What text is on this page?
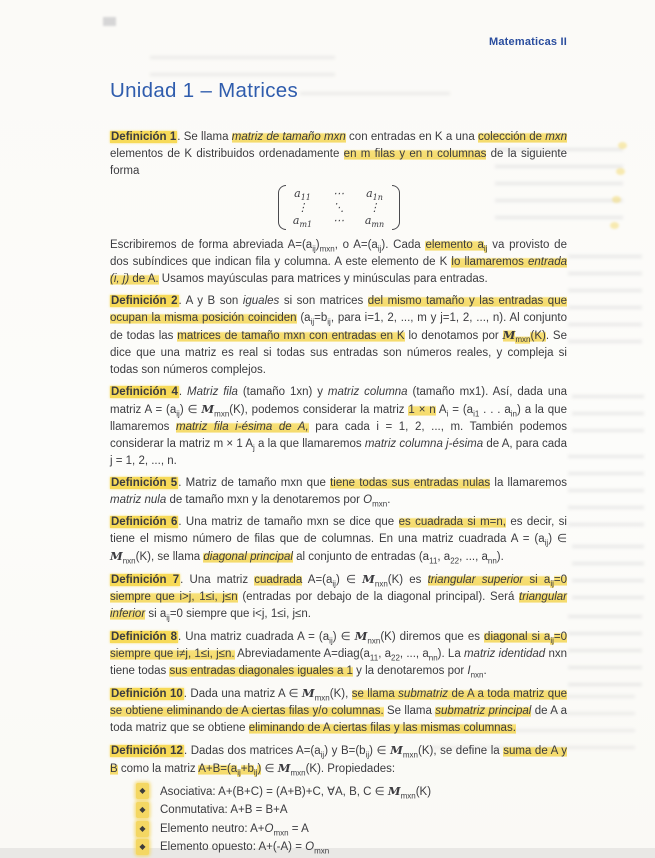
Matematicas II
Unidad 1 – Matrices

Definición 1. Se llama matriz de tamaño mxn con entradas en K a una colección de mxn elementos de K distribuidos ordenadamente en m filas y en n columnas de la siguiente forma

$a_{11}$	⋯	$a_{1n}$
⋮	⋱	⋮
$a_{m1}$	⋯	$a_{mn}$

Escribiremos de forma abreviada $A=(a_{ij})_{mxn}$, o $A=(a_{ij})$. Cada elemento $a_{ij}$ va provisto de dos subíndices que indican fila y columna. A este elemento de K lo llamaremos entrada (i, j) de A. Usamos mayúsculas para matrices y minúsculas para entradas.

Definición 2. A y B son iguales si son matrices del mismo tamaño y las entradas que ocupan la misma posición coinciden ($a_{ij}=b_{ij}$, para i=1, 2, ..., m y j=1, 2, ..., n). Al conjunto de todas las matrices de tamaño mxn con entradas en K lo denotamos por $M_{mxn}(K)$. Se dice que una matriz es real si todas sus entradas son números reales, y compleja si todas son números complejos.

Definición 4. Matriz fila (tamaño 1xn) y matriz columna (tamaño mx1). Así, dada una matriz $A = (a_{ij})$ ∈ $M_{mxn}(K)$, podemos considerar la matriz 1 × n $A_i = (a_{i1}$ . . . $a_{in}$) a la que llamaremos matriz fila i-ésima de A, para cada i = 1, 2, ..., m. También podemos considerar la matriz m × 1 $A_j$ a la que llamaremos matriz columna j-ésima de A, para cada j = 1, 2, ..., n.

Definición 5. Matriz de tamaño mxn que tiene todas sus entradas nulas la llamaremos matriz nula de tamaño mxn y la denotaremos por $O_{mxn}$.

Definición 6. Una matriz de tamaño mxn se dice que es cuadrada si m=n, es decir, si tiene el mismo número de filas que de columnas. En una matriz cuadrada $A = (a_{ij})$ ∈ $M_{nxn}(K)$, se llama diagonal principal al conjunto de entradas ($a_{11}$, $a_{22}$, ..., $a_{nn}$).

Definición 7. Una matriz cuadrada $A=(a_{ij})$ ∈ $M_{nxn}(K)$ es triangular superior si $a_{ij}=0$ siempre que i>j, 1≤i, j≤n (entradas por debajo de la diagonal principal). Será triangular inferior si $a_{ij}=0$ siempre que i<j, 1≤i, j≤n.

Definición 8. Una matriz cuadrada $A = (a_{ij})$ ∈ $M_{nxn}(K)$ diremos que es diagonal si $a_{ij}=0$ siempre que i≠j, 1≤i, j≤n. Abreviadamente $A=diag(a_{11}$, $a_{22}$, ..., $a_{nn}$). La matriz identidad nxn tiene todas sus entradas diagonales iguales a 1 y la denotaremos por $I_{nxn}$.

Definición 10. Dada una matriz A ∈ $M_{mxn}(K)$, se llama submatriz de A a toda matriz que se obtiene eliminando de A ciertas filas y/o columnas. Se llama submatriz principal de A a toda matriz que se obtiene eliminando de A ciertas filas y las mismas columnas.

Definición 12. Dadas dos matrices $A=(a_{ij})$ y $B=(b_{ij})$ ∈ $M_{mxn}(K)$, se define la suma de A y B como la matriz $A+B=(a_{ij}+b_{ij})$ ∈ $M_{mxn}(K)$. Propiedades:

◆ Asociativa: A+(B+C) = (A+B)+C, ∀A, B, C ∈ $M_{mxn}(K)$
◆ Conmutativa: A+B = B+A
◆ Elemento neutro: $A+O_{mxn} = A$
◆ Elemento opuesto: $A+(-A) = O_{mxn}$
